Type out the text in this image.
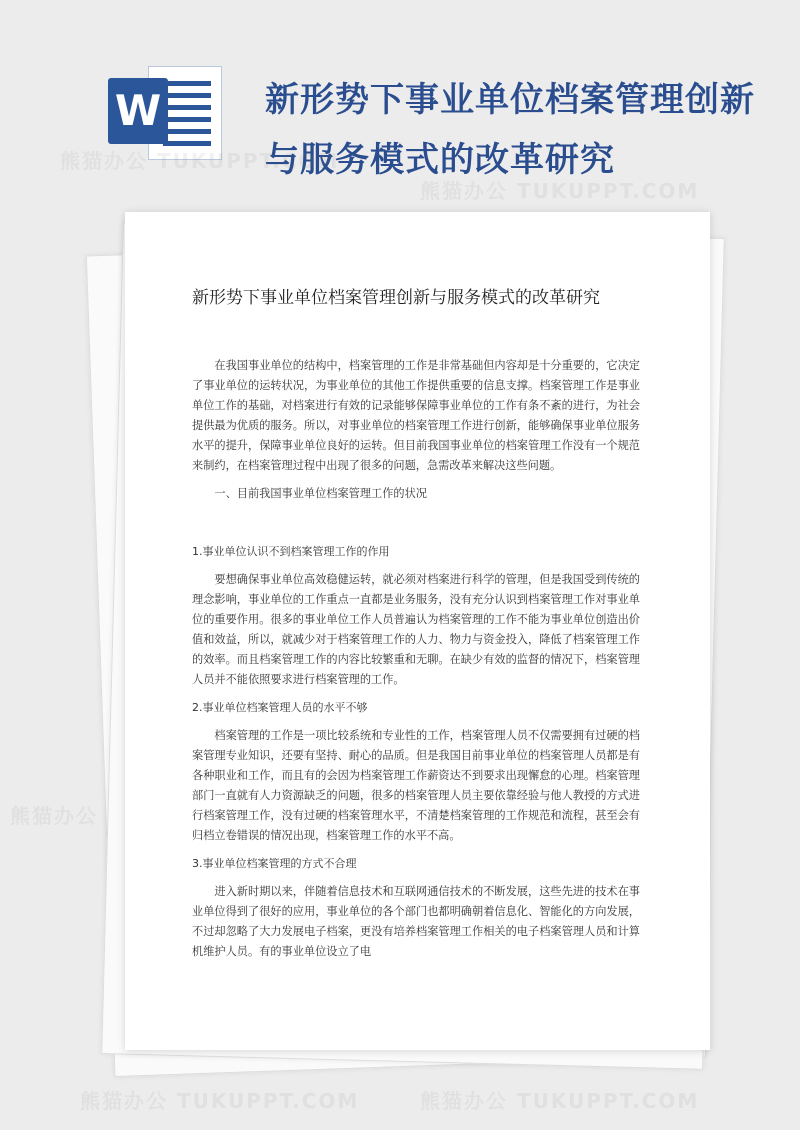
W	新形势下事业单位档案管理创新与服务模式的改革研究
熊猫办公
熊猫办公 TUKUPPT.COM
熊猫办公 TUKUPPT.COM
新形势下事业单位档案管理创新与服务模式的改革研究

在我国事业单位的结构中，档案管理的工作是非常基础但内容却是十分重要的，它决定了事业单位的运转状况，为事业单位的其他工作提供重要的信息支撑。档案管理工作是事业单位工作的基础，对档案进行有效的记录能够保障事业单位的工作有条不紊的进行，为社会提供最为优质的服务。所以，对事业单位的档案管理工作进行创新，能够确保事业单位服务水平的提升，保障事业单位良好的运转。但目前我国事业单位的档案管理工作没有一个规范来制约，在档案管理过程中出现了很多的问题，急需改革来解决这些问题。

一、目前我国事业单位档案管理工作的状况

1.事业单位认识不到档案管理工作的作用

要想确保事业单位高效稳健运转，就必须对档案进行科学的管理，但是我国受到传统的理念影响，事业单位的工作重点一直都是业务服务，没有充分认识到档案管理工作对事业单位的重要作用。很多的事业单位工作人员普遍认为档案管理的工作不能为事业单位创造出价值和效益，所以，就减少对于档案管理工作的人力、物力与资金投入，降低了档案管理工作的效率。而且档案管理工作的内容比较繁重和无聊。在缺少有效的监督的情况下，档案管理人员并不能依照要求进行档案管理的工作。

2.事业单位档案管理人员的水平不够

档案管理的工作是一项比较系统和专业性的工作，档案管理人员不仅需要拥有过硬的档案管理专业知识，还要有坚持、耐心的品质。但是我国目前事业单位的档案管理人员都是有各种职业和工作，而且有的会因为档案管理工作薪资达不到要求出现懈怠的心理。档案管理部门一直就有人力资源缺乏的问题，很多的档案管理人员主要依靠经验与他人教授的方式进行档案管理工作，没有过硬的档案管理水平，不清楚档案管理的工作规范和流程，甚至会有归档立卷错误的情况出现，档案管理工作的水平不高。

3.事业单位档案管理的方式不合理

进入新时期以来，伴随着信息技术和互联网通信技术的不断发展，这些先进的技术在事业单位得到了很好的应用，事业单位的各个部门也都明确朝着信息化、智能化的方向发展，不过却忽略了大力发展电子档案，更没有培养档案管理工作相关的电子档案管理人员和计算机维护人员。有的事业单位设立了电
